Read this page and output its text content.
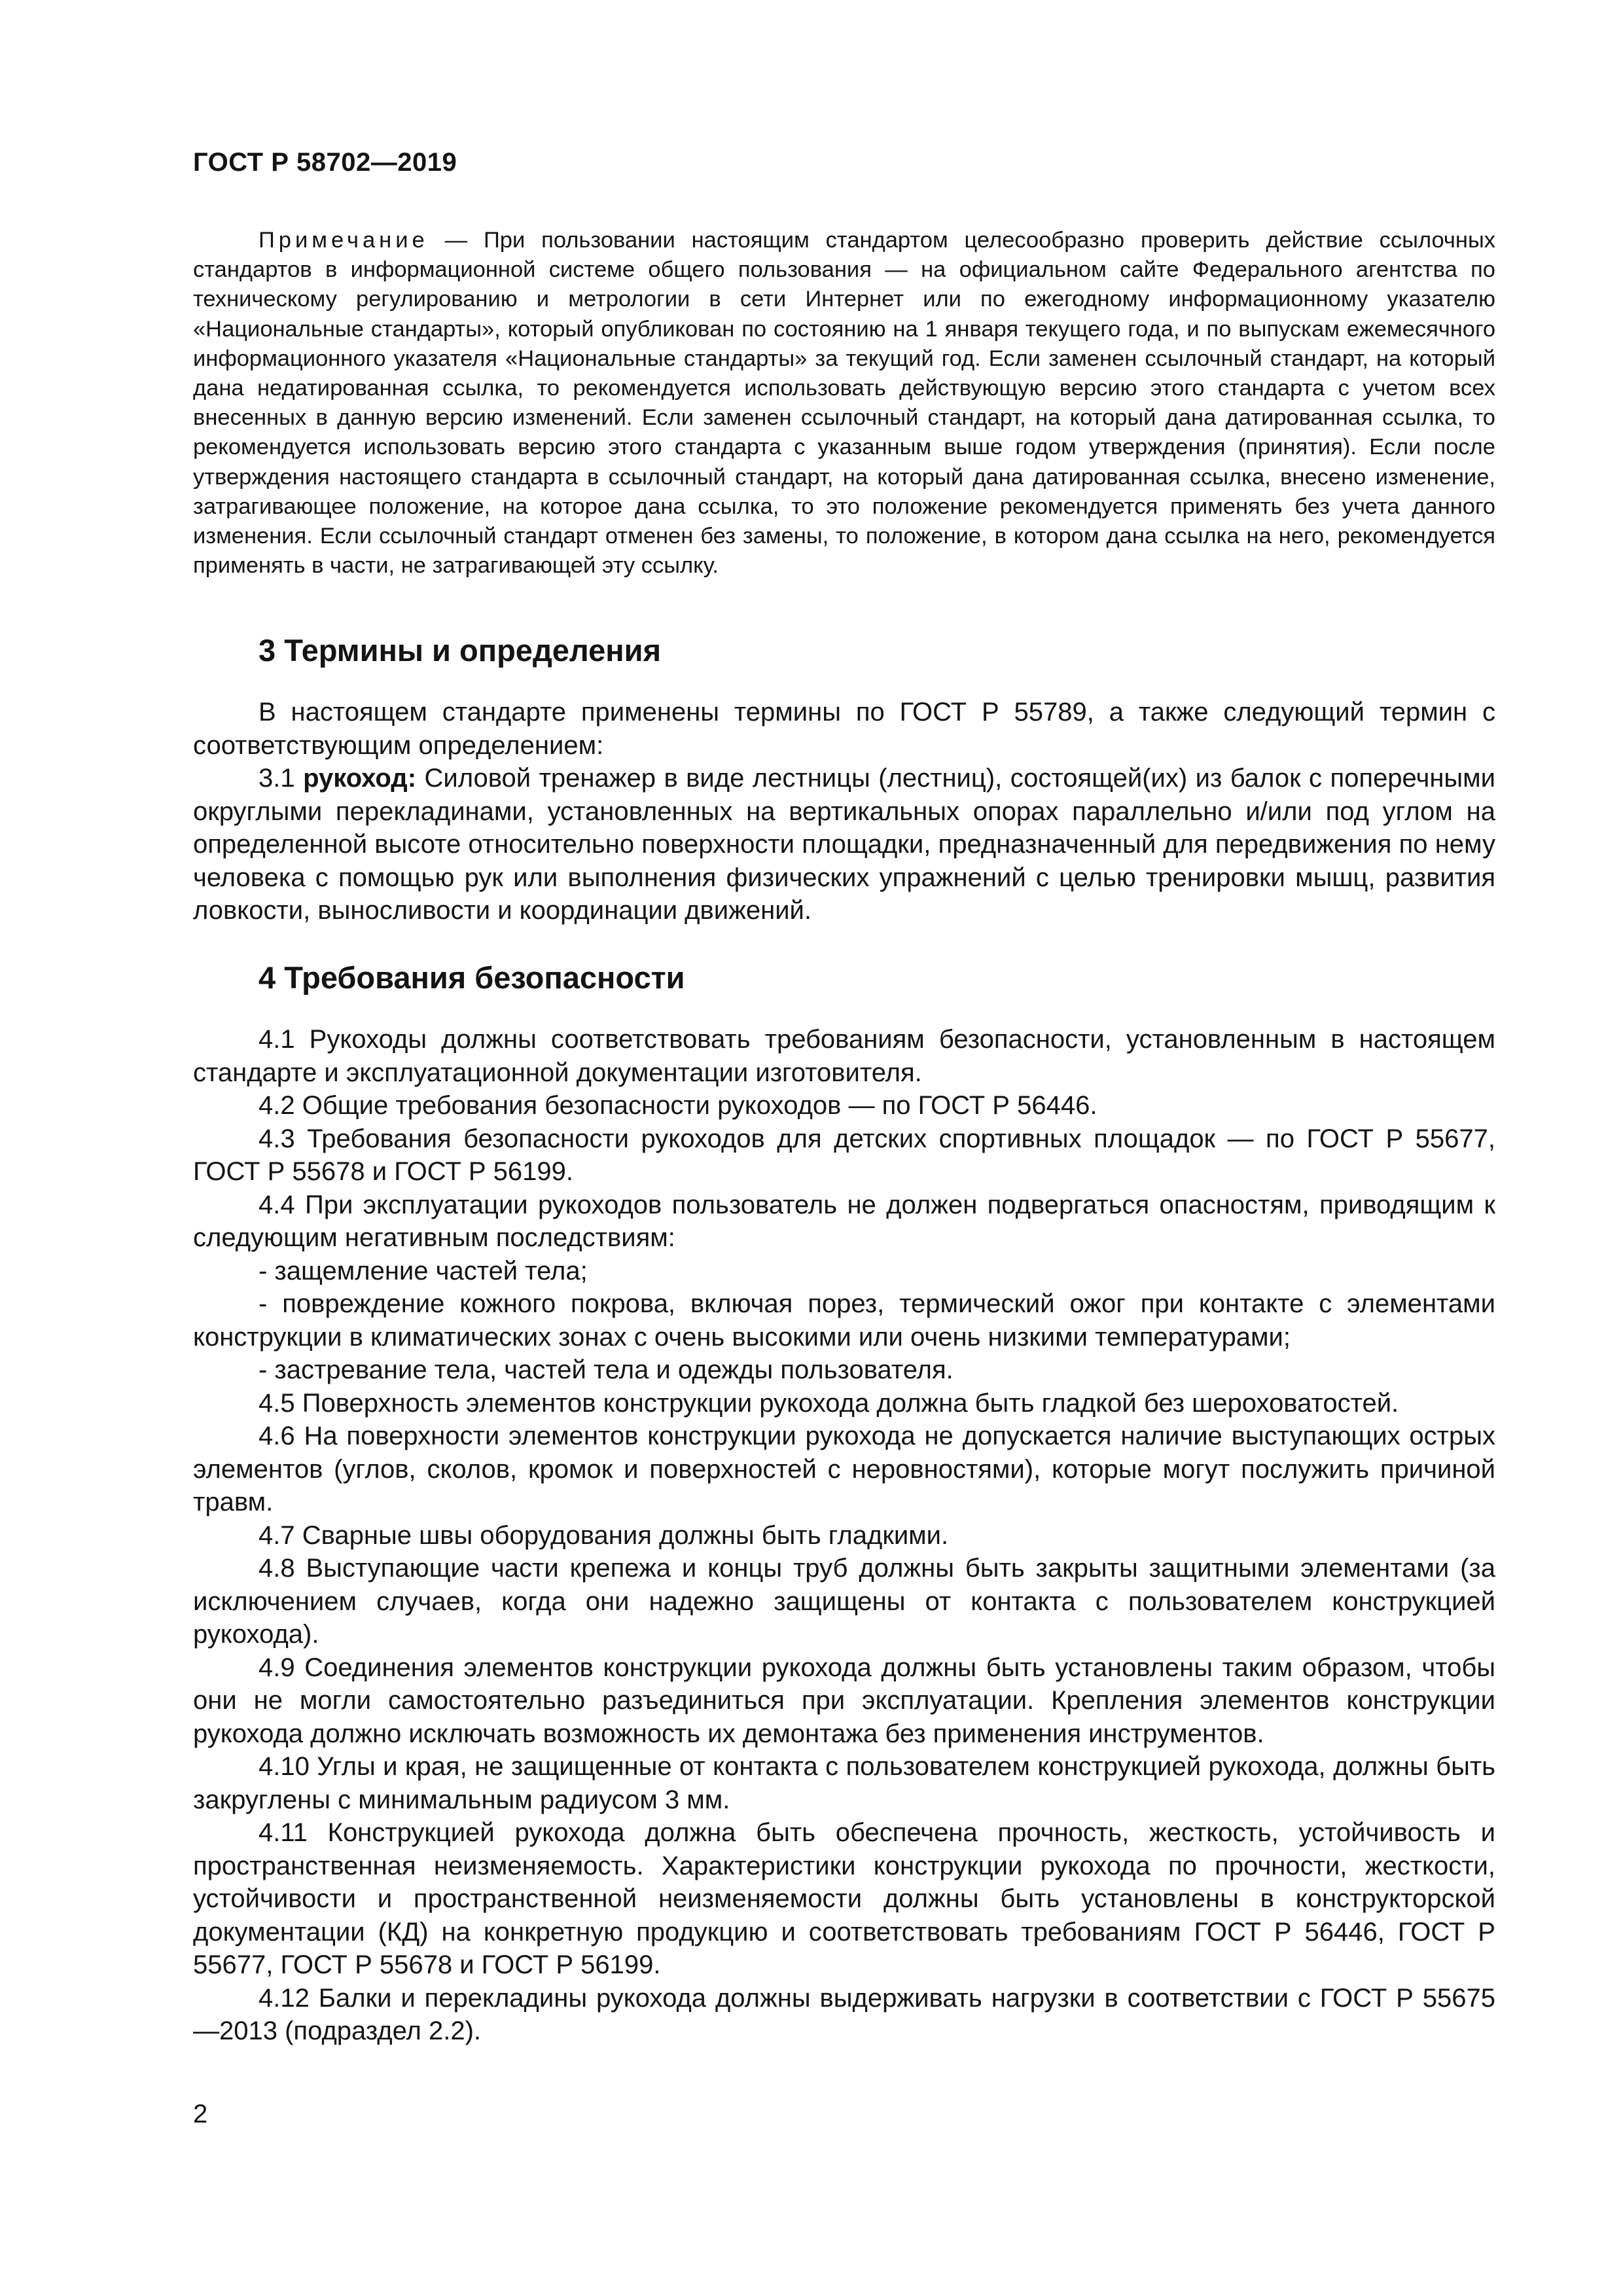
ГОСТ Р 58702—2019

Примечание — При пользовании настоящим стандартом целесообразно проверить действие ссылочных стандартов в информационной системе общего пользования — на официальном сайте Федерального агентства по техническому регулированию и метрологии в сети Интернет или по ежегодному информационному указателю «Национальные стандарты», который опубликован по состоянию на 1 января текущего года, и по выпускам ежемесячного информационного указателя «Национальные стандарты» за текущий год. Если заменен ссылочный стандарт, на который дана недатированная ссылка, то рекомендуется использовать действующую версию этого стандарта с учетом всех внесенных в данную версию изменений. Если заменен ссылочный стандарт, на который дана датированная ссылка, то рекомендуется использовать версию этого стандарта с указанным выше годом утверждения (принятия). Если после утверждения настоящего стандарта в ссылочный стандарт, на который дана датированная ссылка, внесено изменение, затрагивающее положение, на которое дана ссылка, то это положение рекомендуется применять без учета данного изменения. Если ссылочный стандарт отменен без замены, то положение, в котором дана ссылка на него, рекомендуется применять в части, не затрагивающей эту ссылку.

3 Термины и определения

В настоящем стандарте применены термины по ГОСТ Р 55789, а также следующий термин с соответствующим определением:

3.1 рукоход: Силовой тренажер в виде лестницы (лестниц), состоящей(их) из балок с поперечными округлыми перекладинами, установленных на вертикальных опорах параллельно и/или под углом на определенной высоте относительно поверхности площадки, предназначенный для передвижения по нему человека с помощью рук или выполнения физических упражнений с целью тренировки мышц, развития ловкости, выносливости и координации движений.

4 Требования безопасности

4.1 Рукоходы должны соответствовать требованиям безопасности, установленным в настоящем стандарте и эксплуатационной документации изготовителя.

4.2 Общие требования безопасности рукоходов — по ГОСТ Р 56446.

4.3 Требования безопасности рукоходов для детских спортивных площадок — по ГОСТ Р 55677, ГОСТ Р 55678 и ГОСТ Р 56199.

4.4 При эксплуатации рукоходов пользователь не должен подвергаться опасностям, приводящим к следующим негативным последствиям:

- защемление частей тела;

- повреждение кожного покрова, включая порез, термический ожог при контакте с элементами конструкции в климатических зонах с очень высокими или очень низкими температурами;

- застревание тела, частей тела и одежды пользователя.

4.5 Поверхность элементов конструкции рукохода должна быть гладкой без шероховатостей.

4.6 На поверхности элементов конструкции рукохода не допускается наличие выступающих острых элементов (углов, сколов, кромок и поверхностей с неровностями), которые могут послужить причиной травм.

4.7 Сварные швы оборудования должны быть гладкими.

4.8 Выступающие части крепежа и концы труб должны быть закрыты защитными элементами (за исключением случаев, когда они надежно защищены от контакта с пользователем конструкцией рукохода).

4.9 Соединения элементов конструкции рукохода должны быть установлены таким образом, чтобы они не могли самостоятельно разъединиться при эксплуатации. Крепления элементов конструкции рукохода должно исключать возможность их демонтажа без применения инструментов.

4.10 Углы и края, не защищенные от контакта с пользователем конструкцией рукохода, должны быть закруглены с минимальным радиусом 3 мм.

4.11 Конструкцией рукохода должна быть обеспечена прочность, жесткость, устойчивость и пространственная неизменяемость. Характеристики конструкции рукохода по прочности, жесткости, устойчивости и пространственной неизменяемости должны быть установлены в конструкторской документации (КД) на конкретную продукцию и соответствовать требованиям ГОСТ Р 56446, ГОСТ Р 55677, ГОСТ Р 55678 и ГОСТ Р 56199.

4.12 Балки и перекладины рукохода должны выдерживать нагрузки в соответствии с ГОСТ Р 55675—2013 (подраздел 2.2).

2
